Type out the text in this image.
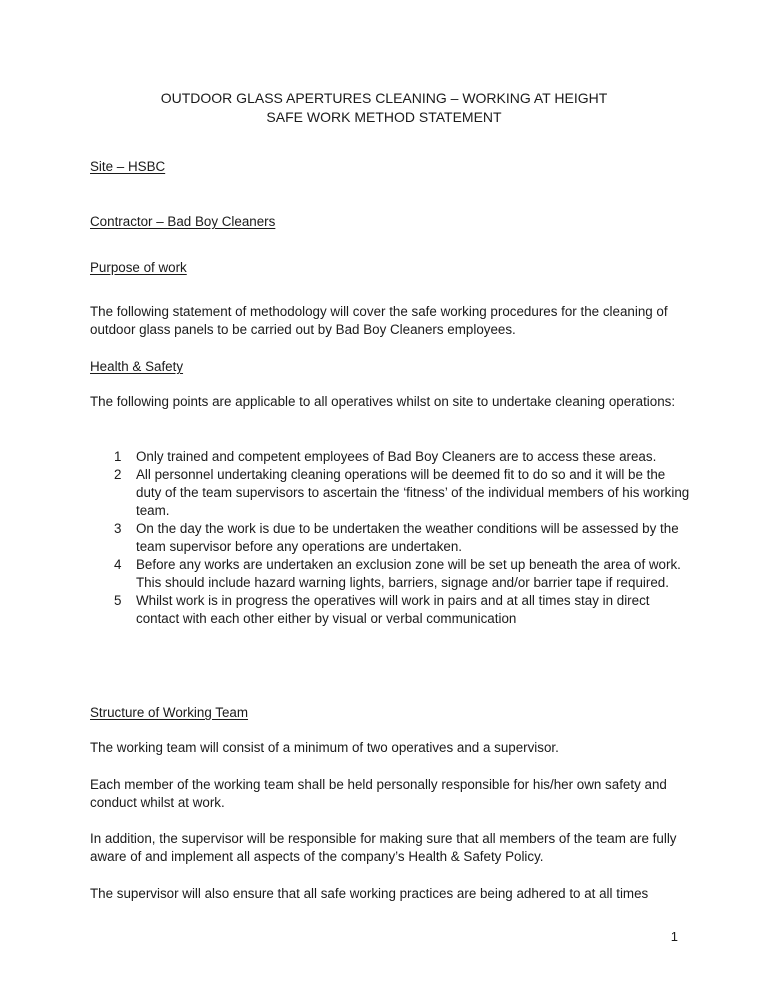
OUTDOOR GLASS APERTURES CLEANING – WORKING AT HEIGHT
SAFE WORK METHOD STATEMENT
Site – HSBC
Contractor – Bad Boy Cleaners
Purpose of work
The following statement of methodology will cover the safe working procedures for the cleaning of outdoor glass panels to be carried out by Bad Boy Cleaners employees.
Health & Safety
The following points are applicable to all operatives whilst on site to undertake cleaning operations:
1 Only trained and competent employees of Bad Boy Cleaners are to access these areas.
2 All personnel undertaking cleaning operations will be deemed fit to do so and it will be the duty of the team supervisors to ascertain the ‘fitness’ of the individual members of his working team.
3 On the day the work is due to be undertaken the weather conditions will be assessed by the team supervisor before any operations are undertaken.
4 Before any works are undertaken an exclusion zone will be set up beneath the area of work. This should include hazard warning lights, barriers, signage and/or barrier tape if required.
5 Whilst work is in progress the operatives will work in pairs and at all times stay in direct contact with each other either by visual or verbal communication
Structure of Working Team
The working team will consist of a minimum of two operatives and a supervisor.
Each member of the working team shall be held personally responsible for his/her own safety and conduct whilst at work.
In addition, the supervisor will be responsible for making sure that all members of the team are fully aware of and implement all aspects of the company’s Health & Safety Policy.
The supervisor will also ensure that all safe working practices are being adhered to at all times
1
